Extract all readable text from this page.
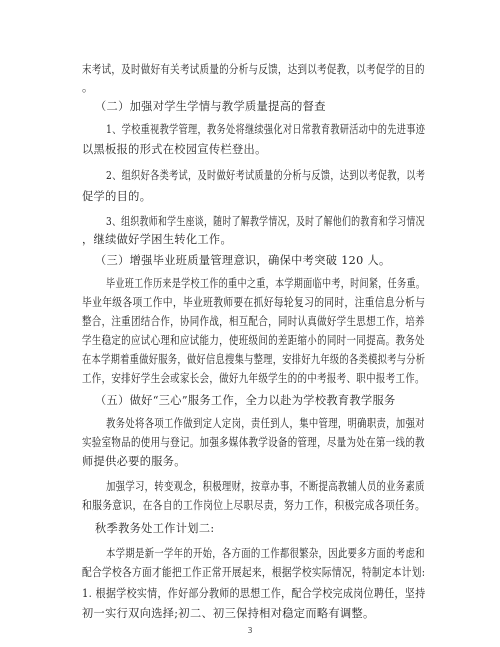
末考试，及时做好有关考试质量的分析与反馈，达到以考促教，以考促学的目的
。
（二）加强对学生学情与教学质量提高的督查
1、学校重视教学管理，教务处将继续强化对日常教育教研活动中的先进事迹
以黑板报的形式在校园宣传栏登出。
2、组织好各类考试，及时做好考试质量的分析与反馈，达到以考促教，以考
促学的目的。
3、组织教师和学生座谈，随时了解教学情况，及时了解他们的教育和学习情况
，继续做好学困生转化工作。
（三）增强毕业班质量管理意识，确保中考突破 120 人。
毕业班工作历来是学校工作的重中之重，本学期面临中考，时间紧，任务重。
毕业年级各项工作中，毕业班教师要在抓好每轮复习的同时，注重信息分析与
整合，注重团结合作，协同作战，相互配合，同时认真做好学生思想工作，培养
学生稳定的应试心理和应试能力，使班级间的差距缩小的同时一同提高。教务处
在本学期着重做好服务，做好信息搜集与整理，安排好九年级的各类模拟考与分析
工作，安排好学生会或家长会，做好九年级学生的的中考报考、职中报考工作。
（五）做好“三心”服务工作，全力以赴为学校教育教学服务
教务处将各项工作做到定人定岗，责任到人，集中管理，明确职责，加强对
实验室物品的使用与登记。加强多媒体教学设备的管理，尽量为处在第一线的教
师提供必要的服务。
加强学习，转变观念，积极理财，按章办事，不断提高教辅人员的业务素质
和服务意识，在各自的工作岗位上尽职尽责，努力工作，积极完成各项任务。
秋季教务处工作计划二:
本学期是新一学年的开始，各方面的工作都很繁杂，因此要多方面的考虑和
配合学校各方面才能把工作正常开展起来，根据学校实际情况，特制定本计划:
1. 根据学校实情，作好部分教师的思想工作，配合学校完成岗位聘任，坚持
初一实行双向选择;初二、初三保持相对稳定而略有调整。
3
